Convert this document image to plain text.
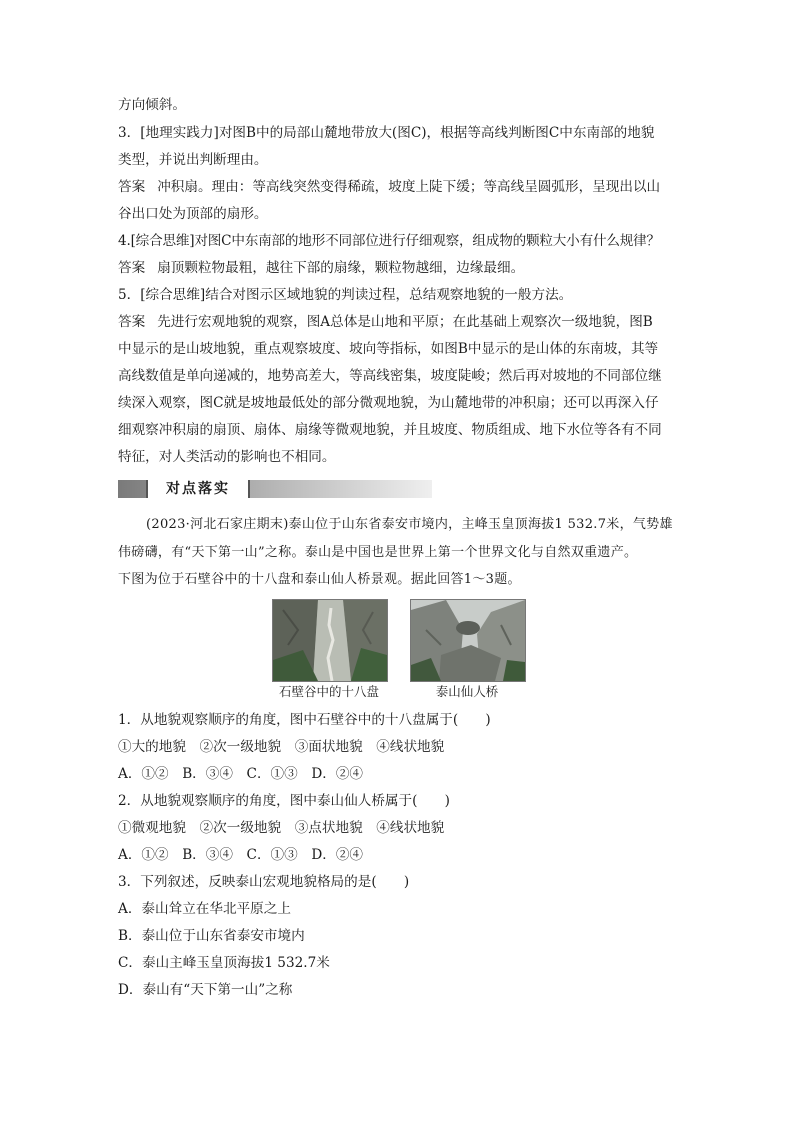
方向倾斜。
3．[地理实践力]对图B中的局部山麓地带放大(图C)，根据等高线判断图C中东南部的地貌
类型，并说出判断理由。
答案 冲积扇。理由：等高线突然变得稀疏，坡度上陡下缓；等高线呈圆弧形，呈现出以山
谷出口处为顶部的扇形。
4.[综合思维]对图C中东南部的地形不同部位进行仔细观察，组成物的颗粒大小有什么规律？
答案 扇顶颗粒物最粗，越往下部的扇缘，颗粒物越细，边缘最细。
5．[综合思维]结合对图示区域地貌的判读过程，总结观察地貌的一般方法。
答案 先进行宏观地貌的观察，图A总体是山地和平原；在此基础上观察次一级地貌，图B
中显示的是山坡地貌，重点观察坡度、坡向等指标，如图B中显示的是山体的东南坡，其等
高线数值是单向递减的，地势高差大，等高线密集，坡度陡峻；然后再对坡地的不同部位继
续深入观察，图C就是坡地最低处的部分微观地貌，为山麓地带的冲积扇；还可以再深入仔
细观察冲积扇的扇顶、扇体、扇缘等微观地貌，并且坡度、物质组成、地下水位等各有不同
特征，对人类活动的影响也不相同。
对点落实
(2023·河北石家庄期末)泰山位于山东省泰安市境内，主峰玉皇顶海拔1 532.7米，气势雄
伟磅礴，有“天下第一山”之称。泰山是中国也是世界上第一个世界文化与自然双重遗产。
下图为位于石壁谷中的十八盘和泰山仙人桥景观。据此回答1～3题。
石壁谷中的十八盘	泰山仙人桥
1．从地貌观察顺序的角度，图中石壁谷中的十八盘属于(　　)
①大的地貌　②次一级地貌　③面状地貌　④线状地貌
A．①②　B．③④　C．①③　D．②④
2．从地貌观察顺序的角度，图中泰山仙人桥属于(　　)
①微观地貌　②次一级地貌　③点状地貌　④线状地貌
A．①②　B．③④　C．①③　D．②④
3．下列叙述，反映泰山宏观地貌格局的是(　　)
A．泰山耸立在华北平原之上
B．泰山位于山东省泰安市境内
C．泰山主峰玉皇顶海拔1 532.7米
D．泰山有“天下第一山”之称
